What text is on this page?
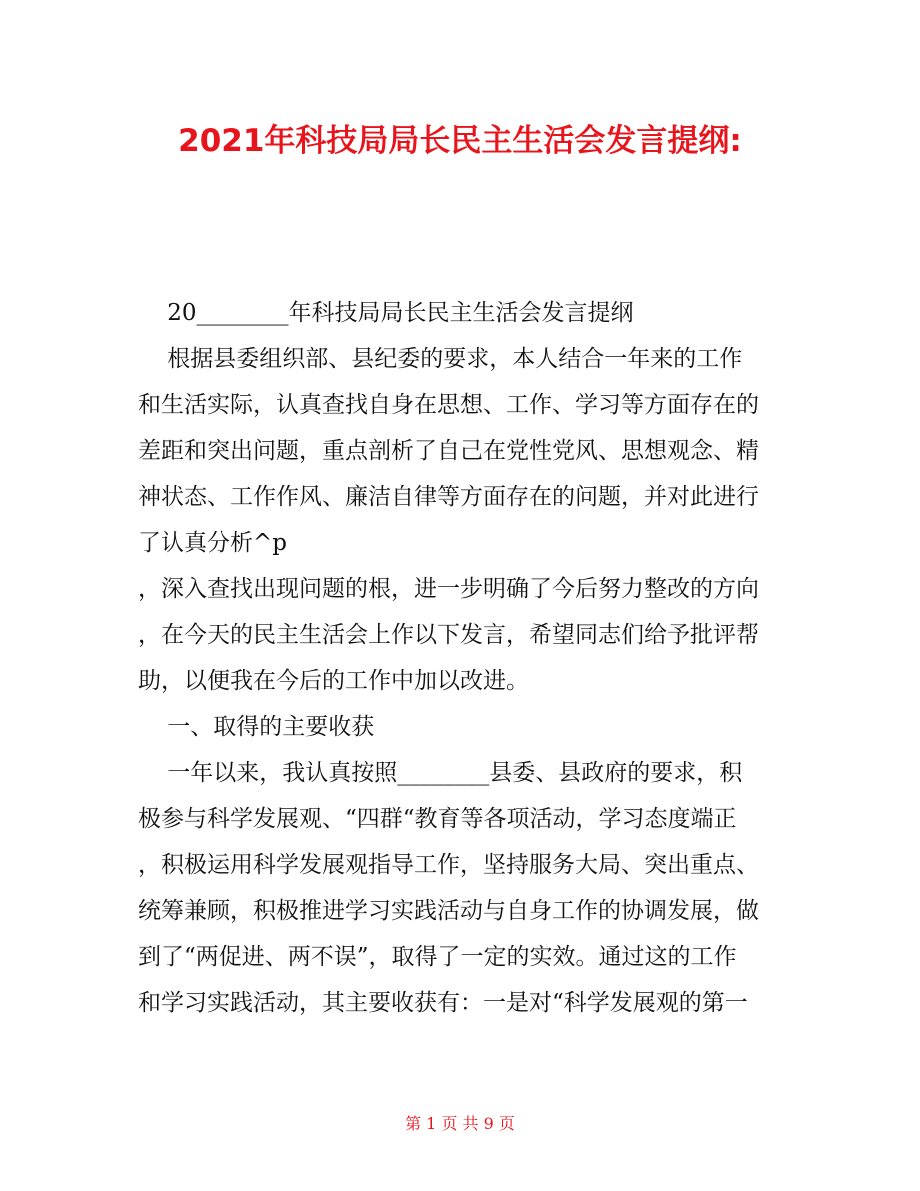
2021年科技局局长民主生活会发言提纲:
20________年科技局局长民主生活会发言提纲
根据县委组织部、县纪委的要求，本人结合一年来的工作
和生活实际，认真查找自身在思想、工作、学习等方面存在的
差距和突出问题，重点剖析了自己在党性党风、思想观念、精
神状态、工作作风、廉洁自律等方面存在的问题，并对此进行
了认真分析^p
，深入查找出现问题的根，进一步明确了今后努力整改的方向
，在今天的民主生活会上作以下发言，希望同志们给予批评帮
助，以便我在今后的工作中加以改进。
一、取得的主要收获
一年以来，我认真按照________县委、县政府的要求，积
极参与科学发展观、“四群“教育等各项活动，学习态度端正
，积极运用科学发展观指导工作，坚持服务大局、突出重点、
统筹兼顾，积极推进学习实践活动与自身工作的协调发展，做
到了“两促进、两不误”，取得了一定的实效。通过这的工作
和学习实践活动，其主要收获有：一是对“科学发展观的第一
第 1 页 共 9 页
